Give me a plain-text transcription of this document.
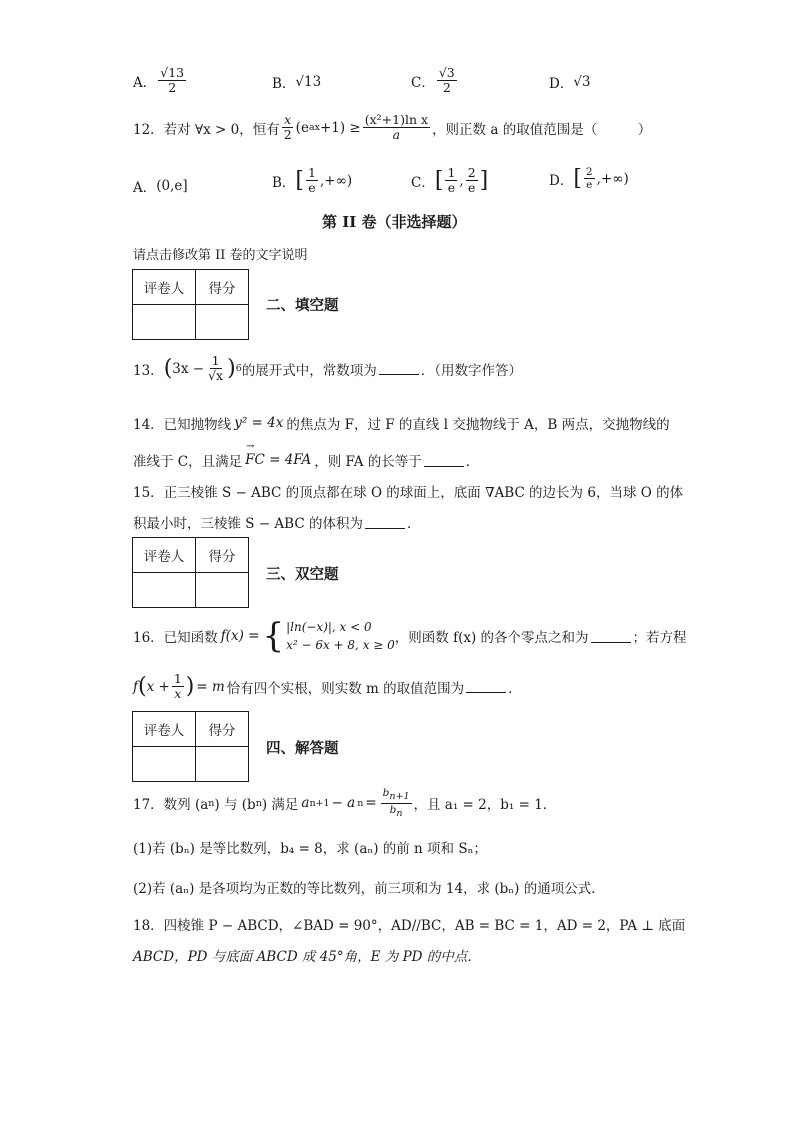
A． $\frac{√13}{2}$	B． √13	C． $\frac{√3}{2}$	D． √3
12．若对 ∀x > 0，恒有 $\frac{x}{2} (e$ ax $+1) \ge \frac{\text{(x²+1)ln x}}{a}$ ，则正数 a 的取值范围是（　　　）
A． (0,e]	B． [ $\frac{1}{e}$ ,+∞)	C． [ $\frac{1}{e}$ , $\frac{2}{e}$ ]	D． [ $\frac{2}{e}$ ,+∞)
第 II 卷（非选择题）
请点击修改第 II 卷的文字说明
评卷人	得分

二、填空题
13． ( $3x - \frac{1}{√x}$ ) 6 的展开式中，常数项为	．（用数字作答）
14．已知抛物线 y² = 4x 的焦点为 F，过 F 的直线 l 交抛物线于 A，B 两点，交抛物线的
准线于 C，且满足 → FC = 4FA ，则 FA 的长等于	．
15．正三棱锥 S − ABC 的顶点都在球 O 的球面上，底面 ∇ABC 的边长为 6，当球 O 的体
积最小时，三棱锥 S − ABC 的体积为	．
评卷人	得分

三、双空题
16．已知函数 f(x) = { |ln(−x)|, x < 0
x² − 6x + 8, x ≥ 0 ，则函数 f(x) 的各个零点之和为	；若方程
f ( $x + \frac{1}{x}$ ) = m 恰有四个实根，则实数 m 的取值范围为	．
评卷人	得分

四、解答题
17．数列 (a n ) 与 (b n ) 满足 a n+1 − a $n = \frac{bn+1}{bn}$ ，且 a₁ = 2，b₁ = 1．
(1)若 (bₙ) 是等比数列，b₄ = 8，求 (aₙ) 的前 n 项和 Sₙ；
(2)若 (aₙ) 是各项均为正数的等比数列，前三项和为 14，求 (bₙ) 的通项公式．
18．四棱锥 P − ABCD，∠BAD = 90°，AD//BC，AB = BC = 1，AD = 2，PA ⊥ 底面
ABCD，PD 与底面 ABCD 成 45°角，E 为 PD 的中点．
